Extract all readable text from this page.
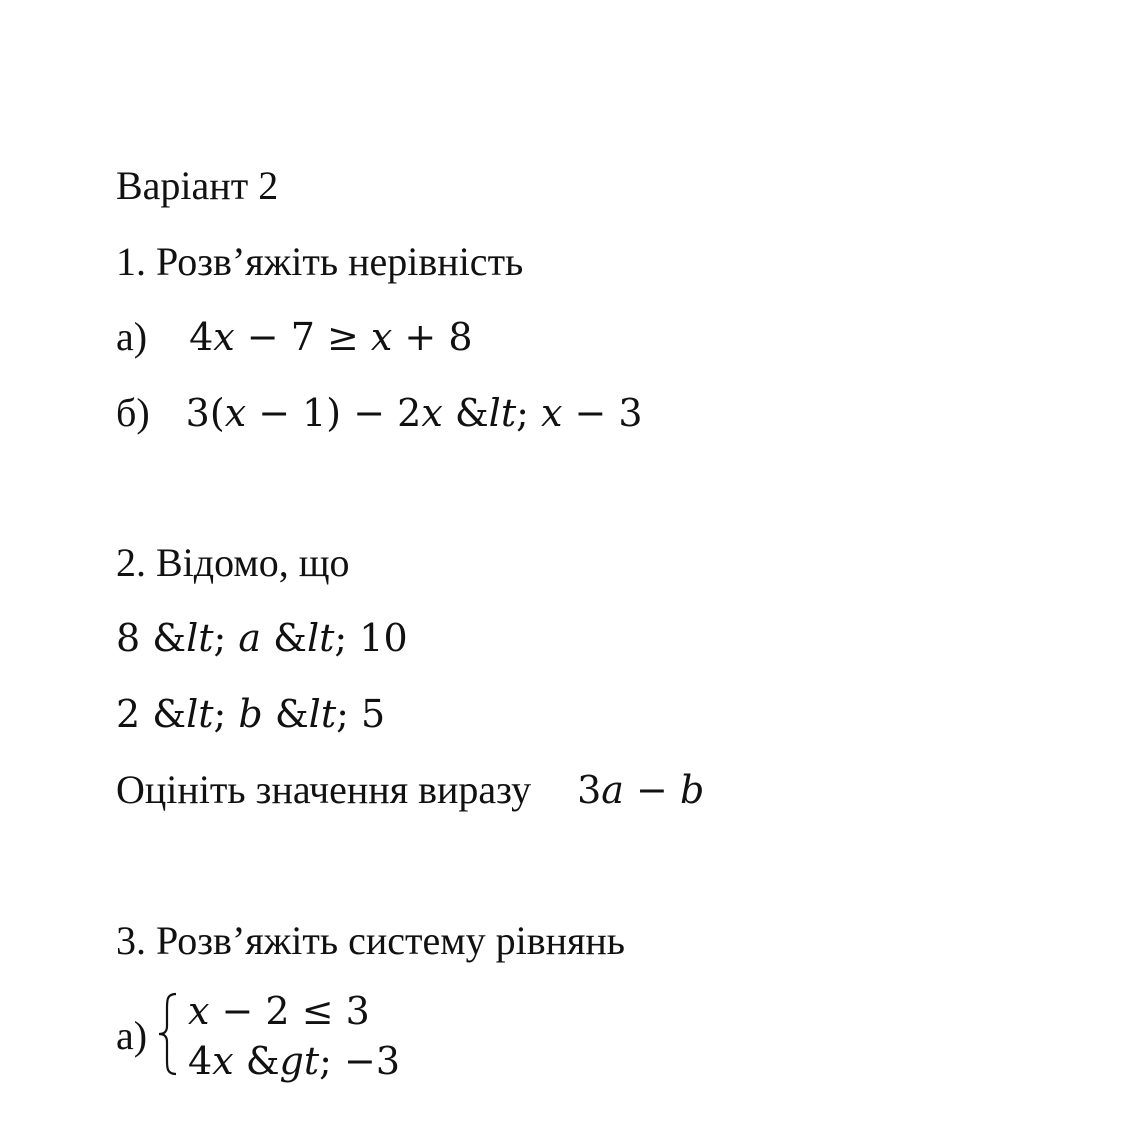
Варіант 2
1. Розв’яжіть нерівність
а) 4x − 7 ≥ x + 8
б) 3(x − 1) − 2x &lt; x − 3
2. Відомо, що
8 &lt; a &lt; 10
2 &lt; b &lt; 5
Оцініть значення виразу 3a − b
3. Розв’яжіть систему рівнянь
а)
x − 2 ≤ 3
4x &gt; −3
